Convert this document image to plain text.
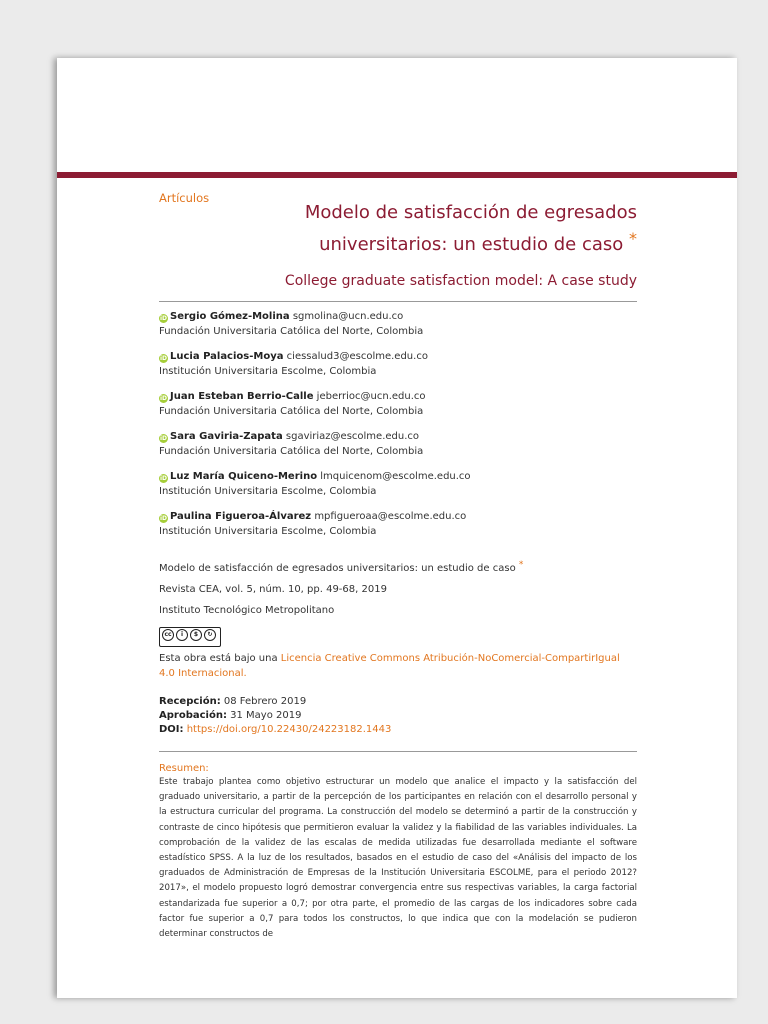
Artículos
Modelo de satisfacción de egresados
universitarios: un estudio de caso *
College graduate satisfaction model: A case study
iD Sergio Gómez-Molina sgmolina@ucn.edu.co
Fundación Universitaria Católica del Norte, Colombia
iD Lucia Palacios-Moya ciessalud3@escolme.edu.co
Institución Universitaria Escolme, Colombia
iD Juan Esteban Berrio-Calle jeberrioc@ucn.edu.co
Fundación Universitaria Católica del Norte, Colombia
iD Sara Gaviria-Zapata sgaviriaz@escolme.edu.co
Fundación Universitaria Católica del Norte, Colombia
iD Luz María Quiceno-Merino lmquicenom@escolme.edu.co
Institución Universitaria Escolme, Colombia
iD Paulina Figueroa-Álvarez mpfigueroaa@escolme.edu.co
Institución Universitaria Escolme, Colombia
Modelo de satisfacción de egresados universitarios: un estudio de caso *
Revista CEA, vol. 5, núm. 10, pp. 49-68, 2019
Instituto Tecnológico Metropolitano
cc	i	$	↻
Esta obra está bajo una Licencia Creative Commons Atribución-NoComercial-CompartirIgual 4.0 Internacional.
Recepción: 08 Febrero 2019
Aprobación: 31 Mayo 2019
DOI: https://doi.org/10.22430/24223182.1443
Resumen:
Este trabajo plantea como objetivo estructurar un modelo que analice el impacto y la satisfacción del graduado universitario, a partir de la percepción de los participantes en relación con el desarrollo personal y la estructura curricular del programa. La construcción del modelo se determinó a partir de la construcción y contraste de cinco hipótesis que permitieron evaluar la validez y la fiabilidad de las variables individuales. La comprobación de la validez de las escalas de medida utilizadas fue desarrollada mediante el software estadístico SPSS. A la luz de los resultados, basados en el estudio de caso del «Análisis del impacto de los graduados de Administración de Empresas de la Institución Universitaria ESCOLME, para el periodo 2012?2017», el modelo propuesto logró demostrar convergencia entre sus respectivas variables, la carga factorial estandarizada fue superior a 0,7; por otra parte, el promedio de las cargas de los indicadores sobre cada factor fue superior a 0,7 para todos los constructos, lo que indica que con la modelación se pudieron determinar constructos de
